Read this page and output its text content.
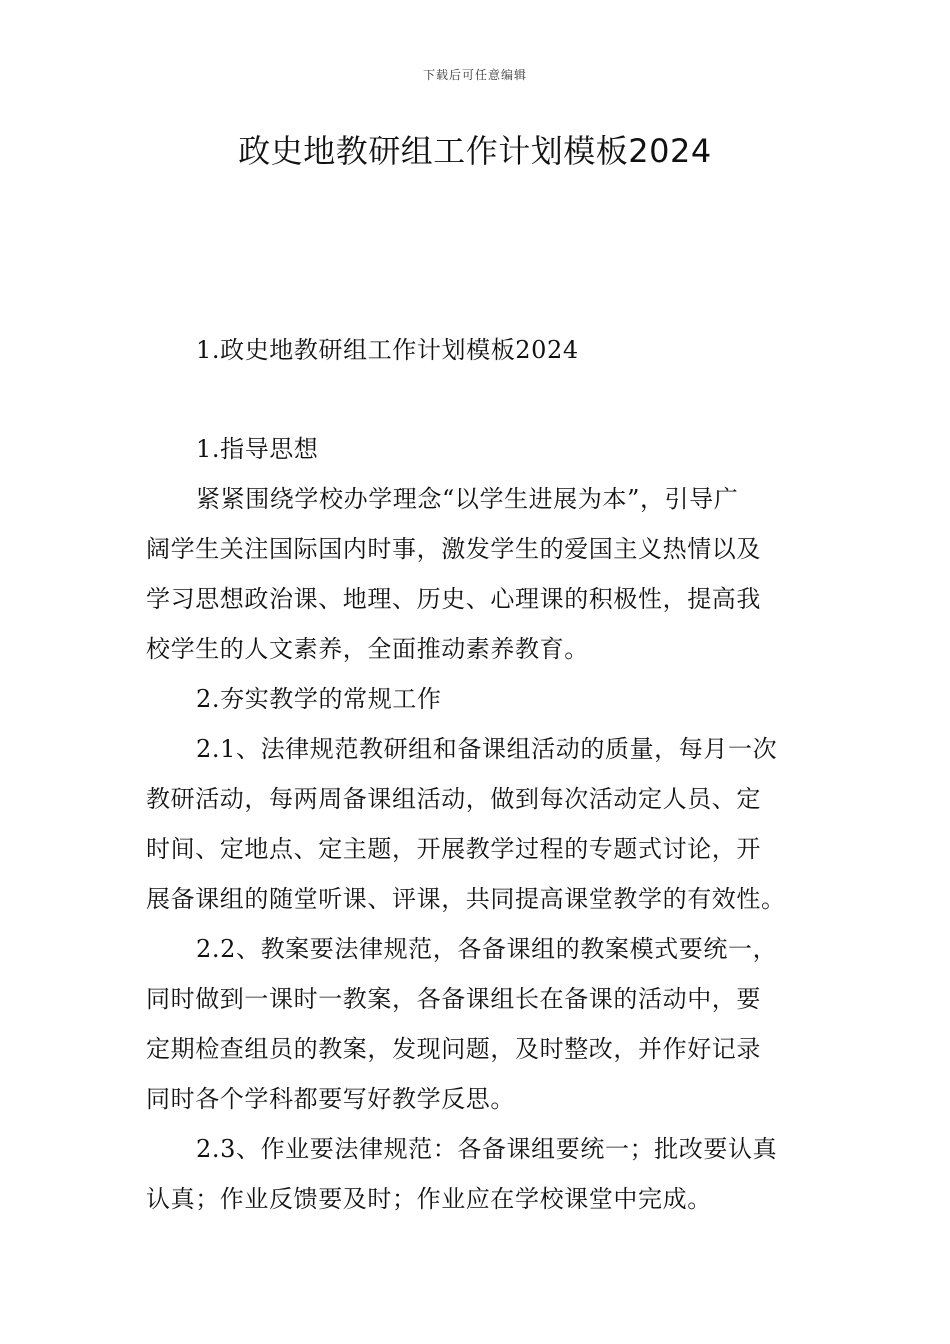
下载后可任意编辑
政史地教研组工作计划模板2024
1.政史地教研组工作计划模板2024
1.指导思想
紧紧围绕学校办学理念“以学生进展为本”，引导广
阔学生关注国际国内时事，激发学生的爱国主义热情以及
学习思想政治课、地理、历史、心理课的积极性，提高我
校学生的人文素养，全面推动素养教育。
2.夯实教学的常规工作
2.1、法律规范教研组和备课组活动的质量，每月一次
教研活动，每两周备课组活动，做到每次活动定人员、定
时间、定地点、定主题，开展教学过程的专题式讨论，开
展备课组的随堂听课、评课，共同提高课堂教学的有效性。
2.2、教案要法律规范，各备课组的教案模式要统一，
同时做到一课时一教案，各备课组长在备课的活动中，要
定期检查组员的教案，发现问题，及时整改，并作好记录
同时各个学科都要写好教学反思。
2.3、作业要法律规范：各备课组要统一；批改要认真
认真；作业反馈要及时；作业应在学校课堂中完成。
